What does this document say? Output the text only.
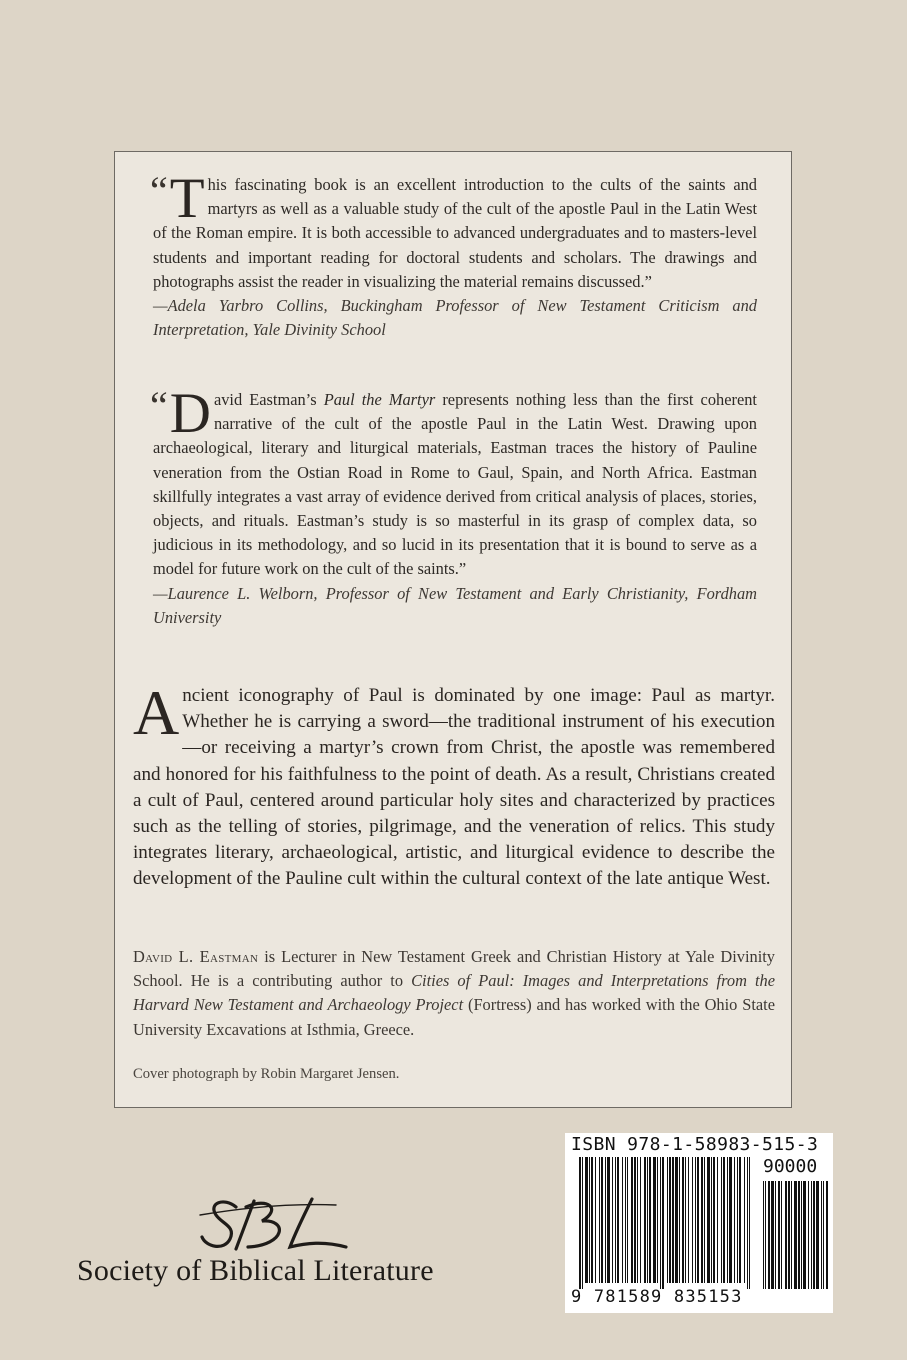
“ T his fascinating book is an excellent introduction to the cults of the saints and martyrs as well as a valuable study of the cult of the apostle Paul in the Latin West of the Roman empire. It is both accessible to advanced undergraduates and to masters-level students and important reading for doctoral students and scholars. The drawings and photographs assist the reader in visualizing the material remains discussed.”

—Adela Yarbro Collins, Buckingham Professor of New Testament Criticism and Interpretation, Yale Divinity School

“ D avid Eastman’s Paul the Martyr represents nothing less than the first coherent narrative of the cult of the apostle Paul in the Latin West. Drawing upon archaeological, literary and liturgical materials, Eastman traces the history of Pauline veneration from the Ostian Road in Rome to Gaul, Spain, and North Africa. Eastman skillfully integrates a vast array of evidence derived from critical analysis of places, stories, objects, and rituals. Eastman’s study is so masterful in its grasp of complex data, so judicious in its methodology, and so lucid in its presentation that it is bound to serve as a model for future work on the cult of the saints.”

—Laurence L. Welborn, Professor of New Testament and Early Christianity, Fordham University

Ancient iconography of Paul is dominated by one image: Paul as martyr. Whether he is carrying a sword—the traditional instrument of his execution—or receiving a martyr’s crown from Christ, the apostle was remembered and honored for his faithfulness to the point of death. As a result, Christians created a cult of Paul, centered around particular holy sites and characterized by practices such as the telling of stories, pilgrimage, and the veneration of relics. This study integrates literary, archaeological, artistic, and liturgical evidence to describe the development of the Pauline cult within the cultural context of the late antique West.

David L. Eastman is Lecturer in New Testament Greek and Christian History at Yale Divinity School. He is a contributing author to Cities of Paul: Images and Interpretations from the Harvard New Testament and Archaeology Project (Fortress) and has worked with the Ohio State University Excavations at Isthmia, Greece.

Cover photograph by Robin Margaret Jensen.

Society of Biblical Literature
ISBN 978-1-58983-515-3
90000
9 781589 835153
